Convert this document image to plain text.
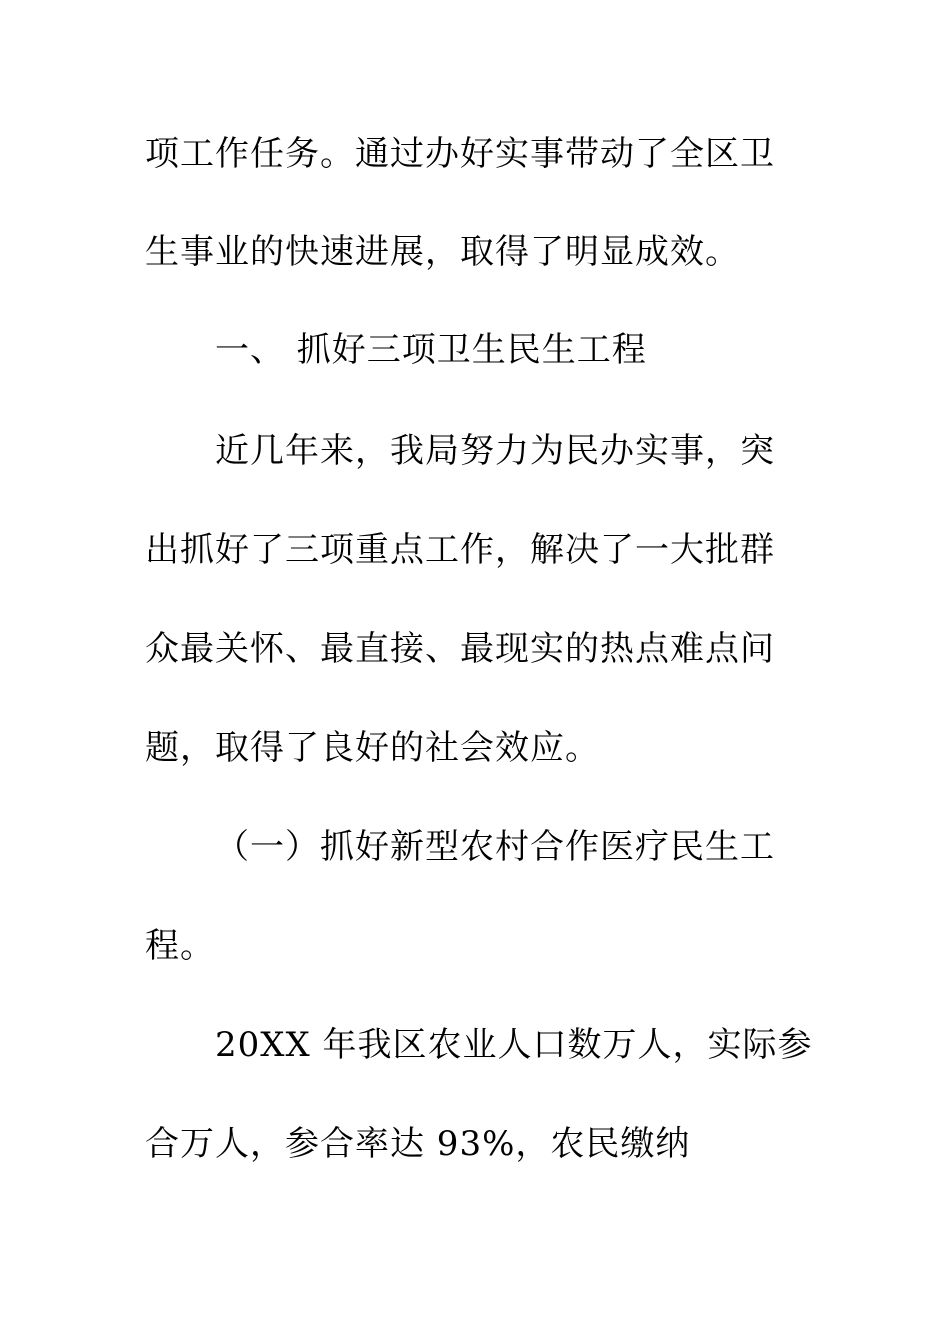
项工作任务。通过办好实事带动了全区卫
生事业的快速进展，取得了明显成效。
一、 抓好三项卫生民生工程
近几年来，我局努力为民办实事，突
出抓好了三项重点工作，解决了一大批群
众最关怀、最直接、最现实的热点难点问
题，取得了良好的社会效应。
（一）抓好新型农村合作医疗民生工
程。
20XX 年我区农业人口数万人，实际参
合万人，参合率达 93%，农民缴纳
